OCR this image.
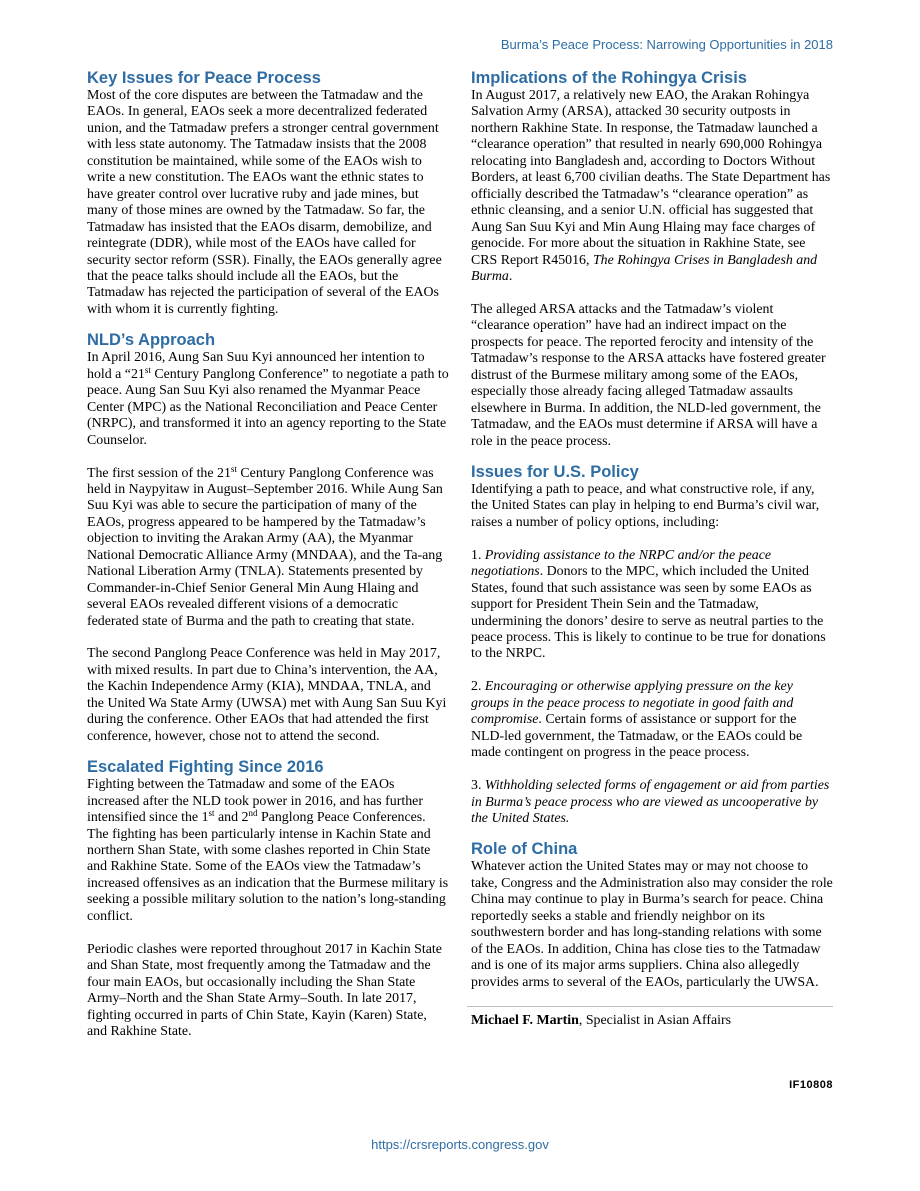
Burma’s Peace Process: Narrowing Opportunities in 2018
Key Issues for Peace Process

Most of the core disputes are between the Tatmadaw and the EAOs. In general, EAOs seek a more decentralized federated union, and the Tatmadaw prefers a stronger central government with less state autonomy. The Tatmadaw insists that the 2008 constitution be maintained, while some of the EAOs wish to write a new constitution. The EAOs want the ethnic states to have greater control over lucrative ruby and jade mines, but many of those mines are owned by the Tatmadaw. So far, the Tatmadaw has insisted that the EAOs disarm, demobilize, and reintegrate (DDR), while most of the EAOs have called for security sector reform (SSR). Finally, the EAOs generally agree that the peace talks should include all the EAOs, but the Tatmadaw has rejected the participation of several of the EAOs with whom it is currently fighting.

NLD’s Approach

In April 2016, Aung San Suu Kyi announced her intention to hold a “21st Century Panglong Conference” to negotiate a path to peace. Aung San Suu Kyi also renamed the Myanmar Peace Center (MPC) as the National Reconciliation and Peace Center (NRPC), and transformed it into an agency reporting to the State Counselor.

The first session of the 21st Century Panglong Conference was held in Naypyitaw in August–September 2016. While Aung San Suu Kyi was able to secure the participation of many of the EAOs, progress appeared to be hampered by the Tatmadaw’s objection to inviting the Arakan Army (AA), the Myanmar National Democratic Alliance Army (MNDAA), and the Ta-ang National Liberation Army (TNLA). Statements presented by Commander-in-Chief Senior General Min Aung Hlaing and several EAOs revealed different visions of a democratic federated state of Burma and the path to creating that state.

The second Panglong Peace Conference was held in May 2017, with mixed results. In part due to China’s intervention, the AA, the Kachin Independence Army (KIA), MNDAA, TNLA, and the United Wa State Army (UWSA) met with Aung San Suu Kyi during the conference. Other EAOs that had attended the first conference, however, chose not to attend the second.

Escalated Fighting Since 2016

Fighting between the Tatmadaw and some of the EAOs increased after the NLD took power in 2016, and has further intensified since the 1st and 2nd Panglong Peace Conferences. The fighting has been particularly intense in Kachin State and northern Shan State, with some clashes reported in Chin State and Rakhine State. Some of the EAOs view the Tatmadaw’s increased offensives as an indication that the Burmese military is seeking a possible military solution to the nation’s long-standing conflict.

Periodic clashes were reported throughout 2017 in Kachin State and Shan State, most frequently among the Tatmadaw and the four main EAOs, but occasionally including the Shan State Army–North and the Shan State Army–South. In late 2017, fighting occurred in parts of Chin State, Kayin (Karen) State, and Rakhine State.

Implications of the Rohingya Crisis

In August 2017, a relatively new EAO, the Arakan Rohingya Salvation Army (ARSA), attacked 30 security outposts in northern Rakhine State. In response, the Tatmadaw launched a “clearance operation” that resulted in nearly 690,000 Rohingya relocating into Bangladesh and, according to Doctors Without Borders, at least 6,700 civilian deaths. The State Department has officially described the Tatmadaw’s “clearance operation” as ethnic cleansing, and a senior U.N. official has suggested that Aung San Suu Kyi and Min Aung Hlaing may face charges of genocide. For more about the situation in Rakhine State, see CRS Report R45016, The Rohingya Crises in Bangladesh and Burma.

The alleged ARSA attacks and the Tatmadaw’s violent “clearance operation” have had an indirect impact on the prospects for peace. The reported ferocity and intensity of the Tatmadaw’s response to the ARSA attacks have fostered greater distrust of the Burmese military among some of the EAOs, especially those already facing alleged Tatmadaw assaults elsewhere in Burma. In addition, the NLD-led government, the Tatmadaw, and the EAOs must determine if ARSA will have a role in the peace process.

Issues for U.S. Policy

Identifying a path to peace, and what constructive role, if any, the United States can play in helping to end Burma’s civil war, raises a number of policy options, including:

1. Providing assistance to the NRPC and/or the peace negotiations. Donors to the MPC, which included the United States, found that such assistance was seen by some EAOs as support for President Thein Sein and the Tatmadaw, undermining the donors’ desire to serve as neutral parties to the peace process. This is likely to continue to be true for donations to the NRPC.

2. Encouraging or otherwise applying pressure on the key groups in the peace process to negotiate in good faith and compromise. Certain forms of assistance or support for the NLD-led government, the Tatmadaw, or the EAOs could be made contingent on progress in the peace process.

3. Withholding selected forms of engagement or aid from parties in Burma’s peace process who are viewed as uncooperative by the United States.

Role of China

Whatever action the United States may or may not choose to take, Congress and the Administration also may consider the role China may continue to play in Burma’s search for peace. China reportedly seeks a stable and friendly neighbor on its southwestern border and has long-standing relations with some of the EAOs. In addition, China has close ties to the Tatmadaw and is one of its major arms suppliers. China also allegedly provides arms to several of the EAOs, particularly the UWSA.

Michael F. Martin, Specialist in Asian Affairs
IF10808
https://crsreports.congress.gov
